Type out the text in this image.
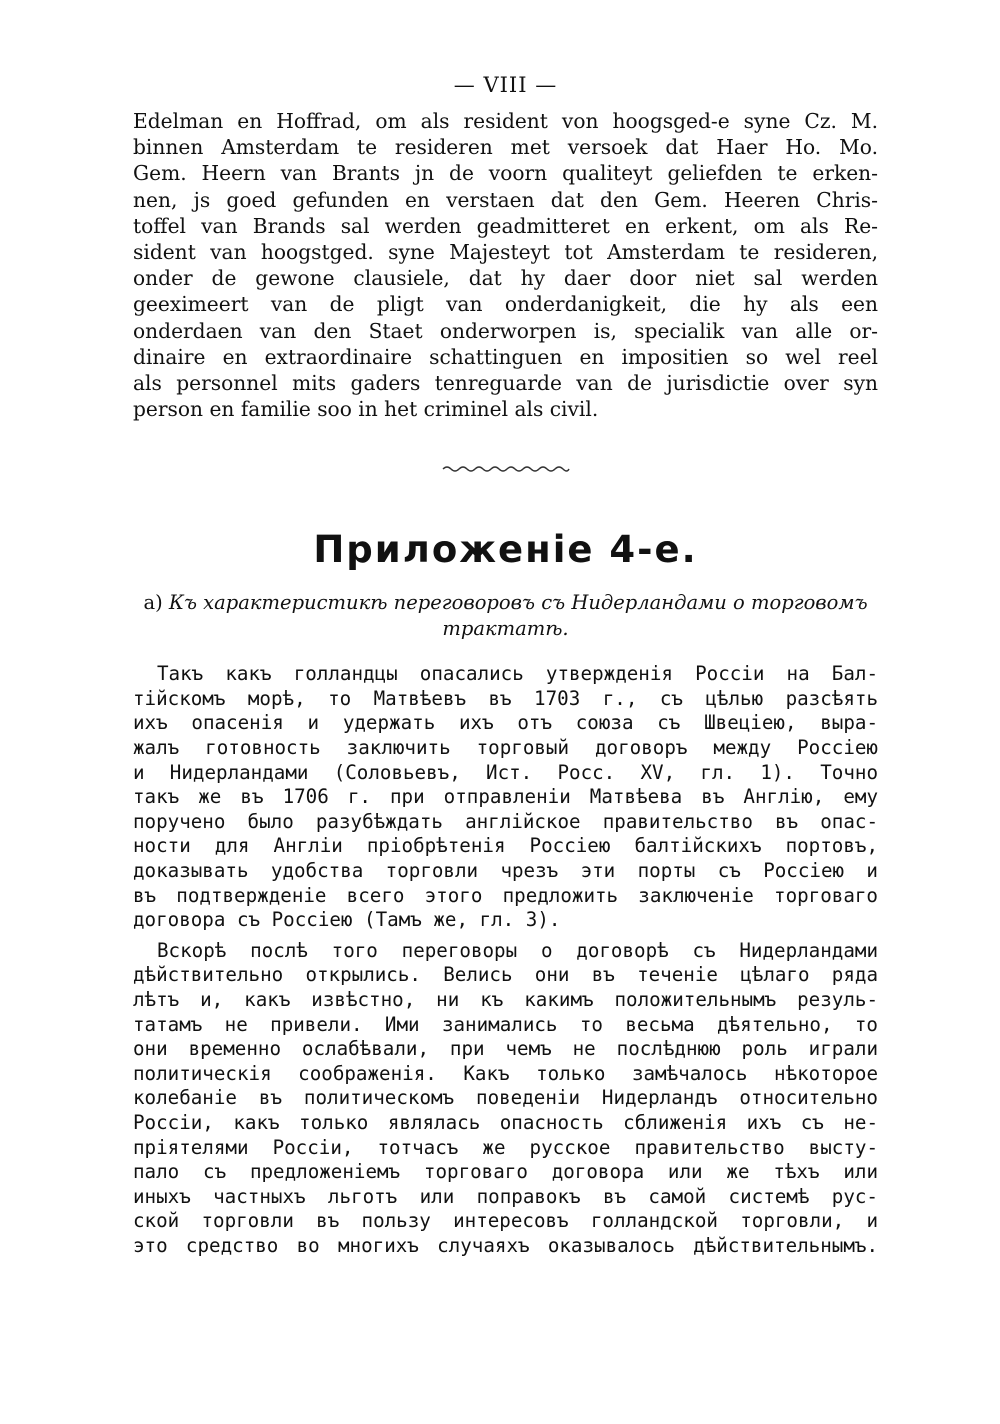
— VIII —
Edelman en Hoffrad, om als resident von hoogsged-e syne Cz. M.
binnen Amsterdam te resideren met versoek dat Haer Ho. Mo.
Gem. Heern van Brants jn de voorn qualiteyt geliefden te erken-
nen, js goed gefunden en verstaen dat den Gem. Heeren Chris-
toffel van Brands sal werden geadmitteret en erkent, om als Re-
sident van hoogstged. syne Majesteyt tot Amsterdam te resideren,
onder de gewone clausiele, dat hy daer door niet sal werden
geeximeert van de pligt van onderdanigkeit, die hy als een
onderdaen van den Staet onderworpen is, specialik van alle or-
dinaire en extraordinaire schattinguen en impositien so wel reel
als personnel mits gaders tenreguarde van de jurisdictie over syn
person en familie soo in het criminel als civil.
Приложенiе 4-е.
a) Къ характеристикѣ переговоровъ съ Нидерландами о торговомъ
трактатѣ.
Такъ какъ голландцы опасались утвержденiя Россiи на Бал-
тiйскомъ морѣ, то Матвѣевъ въ 1703 г., съ цѣлью разсѣять
ихъ опасенiя и удержать ихъ отъ союза съ Швецiею, выра-
жалъ готовность заключить торговый договоръ между Россiею
и Нидерландами (Соловьевъ, Ист. Росс. XV, гл. 1). Точно
такъ же въ 1706 г. при отправленiи Матвѣева въ Англiю, ему
поручено было разубѣждать англiйское правительство въ опас-
ности для Англiи прiобрѣтенiя Россiею балтiйскихъ портовъ,
доказывать удобства торговли чрезъ эти порты съ Россiею и
въ подтвержденiе всего этого предложить заключенiе торговаго
договора съ Россiею (Тамъ же, гл. 3).
Вскорѣ послѣ того переговоры о договорѣ съ Нидерландами
дѣйствительно открылись. Велись они въ теченiе цѣлаго ряда
лѣтъ и, какъ извѣстно, ни къ какимъ положительнымъ резуль-
татамъ не привели. Ими занимались то весьма дѣятельно, то
они временно ослабѣвали, при чемъ не послѣднюю роль играли
политическiя соображенiя. Какъ только замѣчалось нѣкоторое
колебанiе въ политическомъ поведенiи Нидерландъ относительно
Россiи, какъ только являлась опасность сближенiя ихъ съ не-
прiятелями Россiи, тотчасъ же русское правительство высту-
пало съ предложенiемъ торговаго договора или же тѣхъ или
иныхъ частныхъ льготъ или поправокъ въ самой системѣ рус-
ской торговли въ пользу интересовъ голландской торговли, и
это средство во многихъ случаяхъ оказывалось дѣйствительнымъ.
